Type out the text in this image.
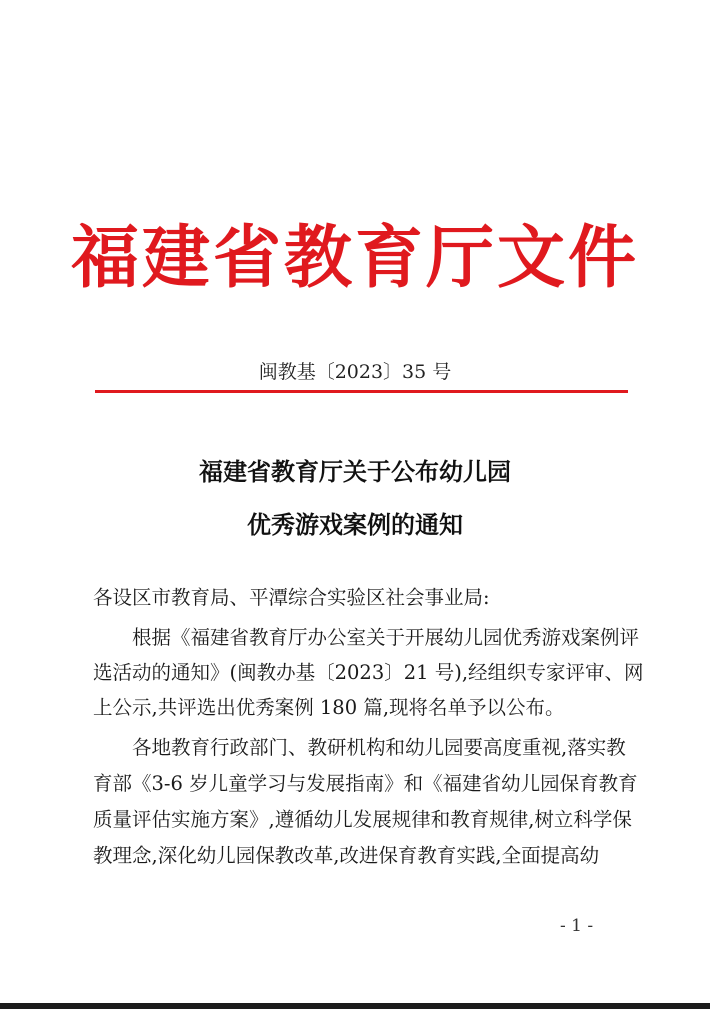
福建省教育厅文件
闽教基〔2023〕35 号
福建省教育厅关于公布幼儿园
优秀游戏案例的通知
各设区市教育局、平潭综合实验区社会事业局:
根据《福建省教育厅办公室关于开展幼儿园优秀游戏案例评
选活动的通知》(闽教办基〔2023〕21 号),经组织专家评审、网
上公示,共评选出优秀案例 180 篇,现将名单予以公布。
各地教育行政部门、教研机构和幼儿园要高度重视,落实教
育部《3-6 岁儿童学习与发展指南》和《福建省幼儿园保育教育
质量评估实施方案》,遵循幼儿发展规律和教育规律,树立科学保
教理念,深化幼儿园保教改革,改进保育教育实践,全面提高幼
- 1 -
